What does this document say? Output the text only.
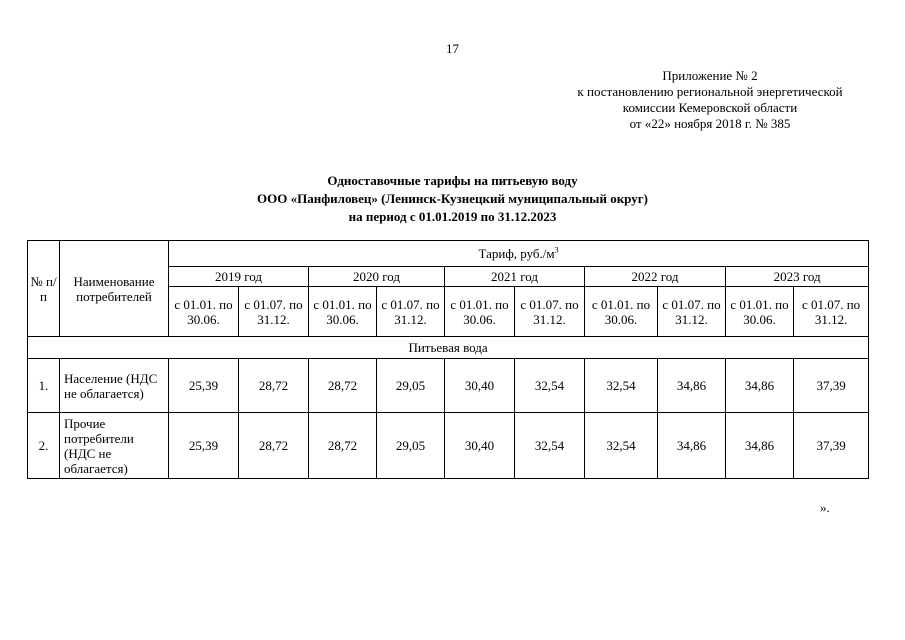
17
Приложение № 2
к постановлению региональной энергетической
комиссии Кемеровской области
от «22» ноября 2018 г. № 385
Одноставочные тарифы на питьевую воду
ООО «Панфиловец» (Ленинск-Кузнецкий муниципальный округ)
на период с 01.01.2019 по 31.12.2023
№ п/п	Наименование потребителей	Тариф, $руб./м^3$
		2019 год		2020 год		2021 год		2022 год		2023 год	
		с 01.01. по 30.06.	с 01.07. по 31.12.	с 01.01. по 30.06.	с 01.07. по 31.12.	с 01.01. по 30.06.	с 01.07. по 31.12.	с 01.01. по 30.06.	с 01.07. по 31.12.	с 01.01. по 30.06.	с 01.07. по 31.12.
Питьевая вода											
1.	Население (НДС не облагается)	25,39	28,72	28,72	29,05	30,40	32,54	32,54	34,86	34,86	37,39
2.	Прочие потребители (НДС не облагается)	25,39	28,72	28,72	29,05	30,40	32,54	32,54	34,86	34,86	37,39
».
